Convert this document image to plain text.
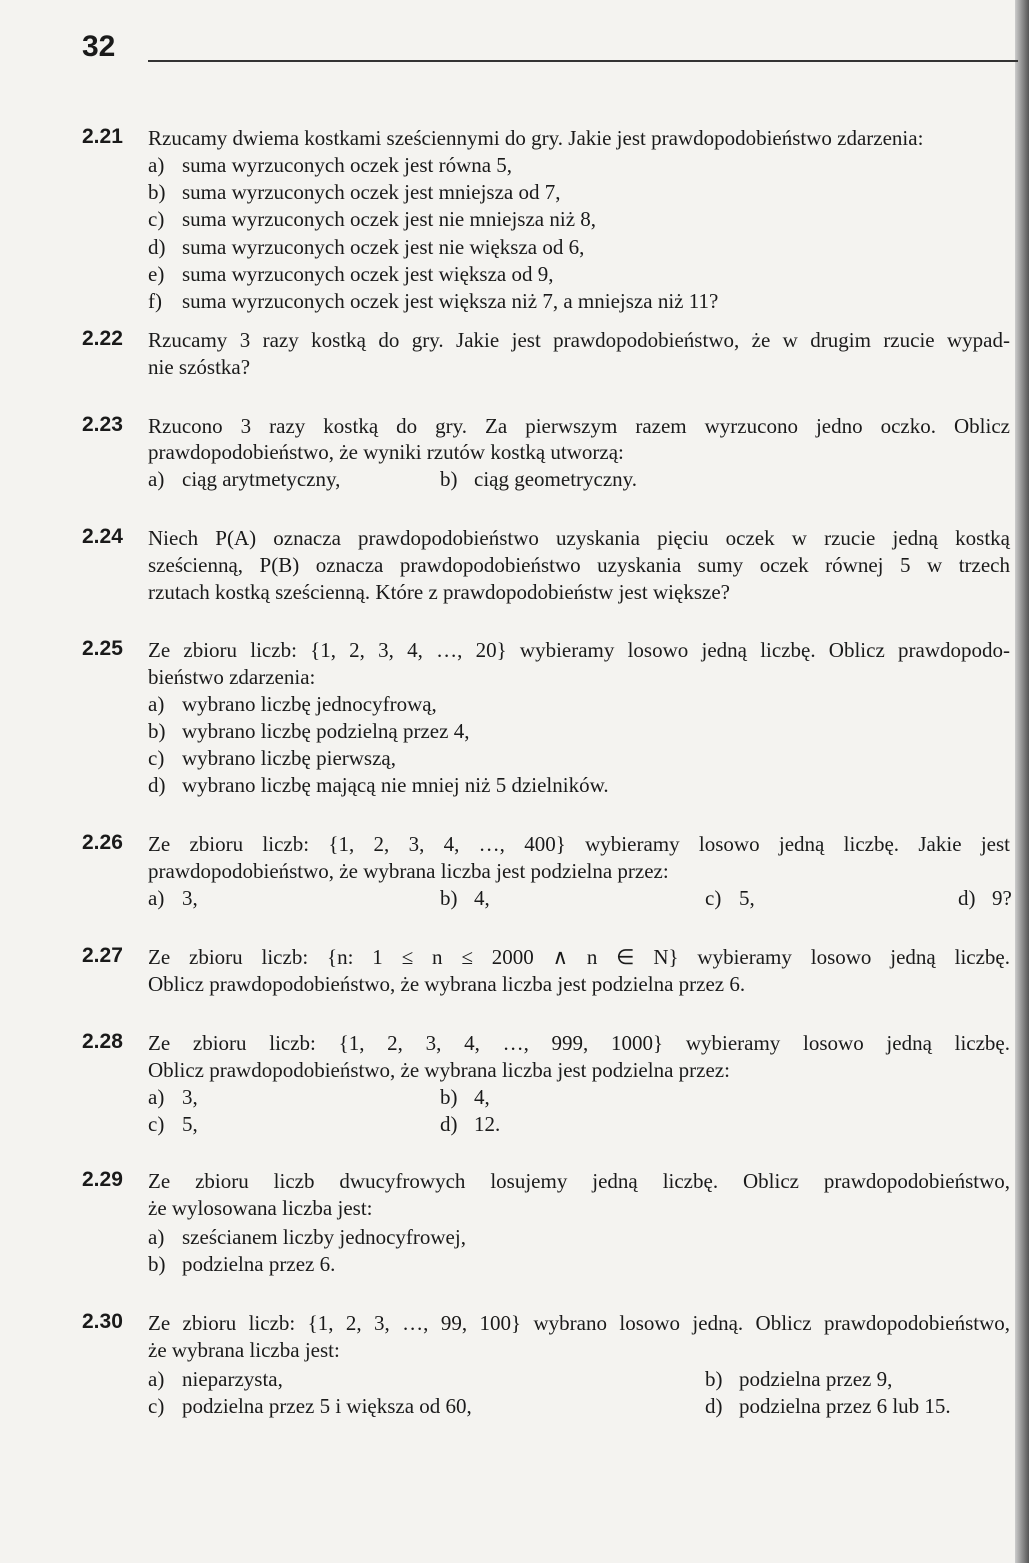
32
2.21 Rzucamy dwiema kostkami sześciennymi do gry. Jakie jest prawdopodobieństwo zdarzenia:
a) suma wyrzuconych oczek jest równa 5,
b) suma wyrzuconych oczek jest mniejsza od 7,
c) suma wyrzuconych oczek jest nie mniejsza niż 8,
d) suma wyrzuconych oczek jest nie większa od 6,
e) suma wyrzuconych oczek jest większa od 9,
f) suma wyrzuconych oczek jest większa niż 7, a mniejsza niż 11?
2.22 Rzucamy 3 razy kostką do gry. Jakie jest prawdopodobieństwo, że w drugim rzucie wypad-
nie szóstka?
2.23 Rzucono 3 razy kostką do gry. Za pierwszym razem wyrzucono jedno oczko. Oblicz
prawdopodobieństwo, że wyniki rzutów kostką utworzą:
a) ciąg arytmetyczny,	b) ciąg geometryczny.
2.24 Niech P(A) oznacza prawdopodobieństwo uzyskania pięciu oczek w rzucie jedną kostką
sześcienną, P(B) oznacza prawdopodobieństwo uzyskania sumy oczek równej 5 w trzech
rzutach kostką sześcienną. Które z prawdopodobieństw jest większe?
2.25 Ze zbioru liczb: {1, 2, 3, 4, …, 20} wybieramy losowo jedną liczbę. Oblicz prawdopodo-
bieństwo zdarzenia:
a) wybrano liczbę jednocyfrową,
b) wybrano liczbę podzielną przez 4,
c) wybrano liczbę pierwszą,
d) wybrano liczbę mającą nie mniej niż 5 dzielników.
2.26 Ze zbioru liczb: {1, 2, 3, 4, …, 400} wybieramy losowo jedną liczbę. Jakie jest
prawdopodobieństwo, że wybrana liczba jest podzielna przez:
a) 3,	b) 4,	c) 5,	d) 9?
2.27 Ze zbioru liczb: {n: 1 ≤ n ≤ 2000 ∧ n ∈ N} wybieramy losowo jedną liczbę.
Oblicz prawdopodobieństwo, że wybrana liczba jest podzielna przez 6.
2.28 Ze zbioru liczb: {1, 2, 3, 4, …, 999, 1000} wybieramy losowo jedną liczbę.
Oblicz prawdopodobieństwo, że wybrana liczba jest podzielna przez:
a) 3,	b) 4,
c) 5,	d) 12.
2.29 Ze zbioru liczb dwucyfrowych losujemy jedną liczbę. Oblicz prawdopodobieństwo,
że wylosowana liczba jest:
a) sześcianem liczby jednocyfrowej,
b) podzielna przez 6.
2.30 Ze zbioru liczb: {1, 2, 3, …, 99, 100} wybrano losowo jedną. Oblicz prawdopodobieństwo,
że wybrana liczba jest:
a) nieparzysta,	b) podzielna przez 9,
c) podzielna przez 5 i większa od 60,	d) podzielna przez 6 lub 15.
